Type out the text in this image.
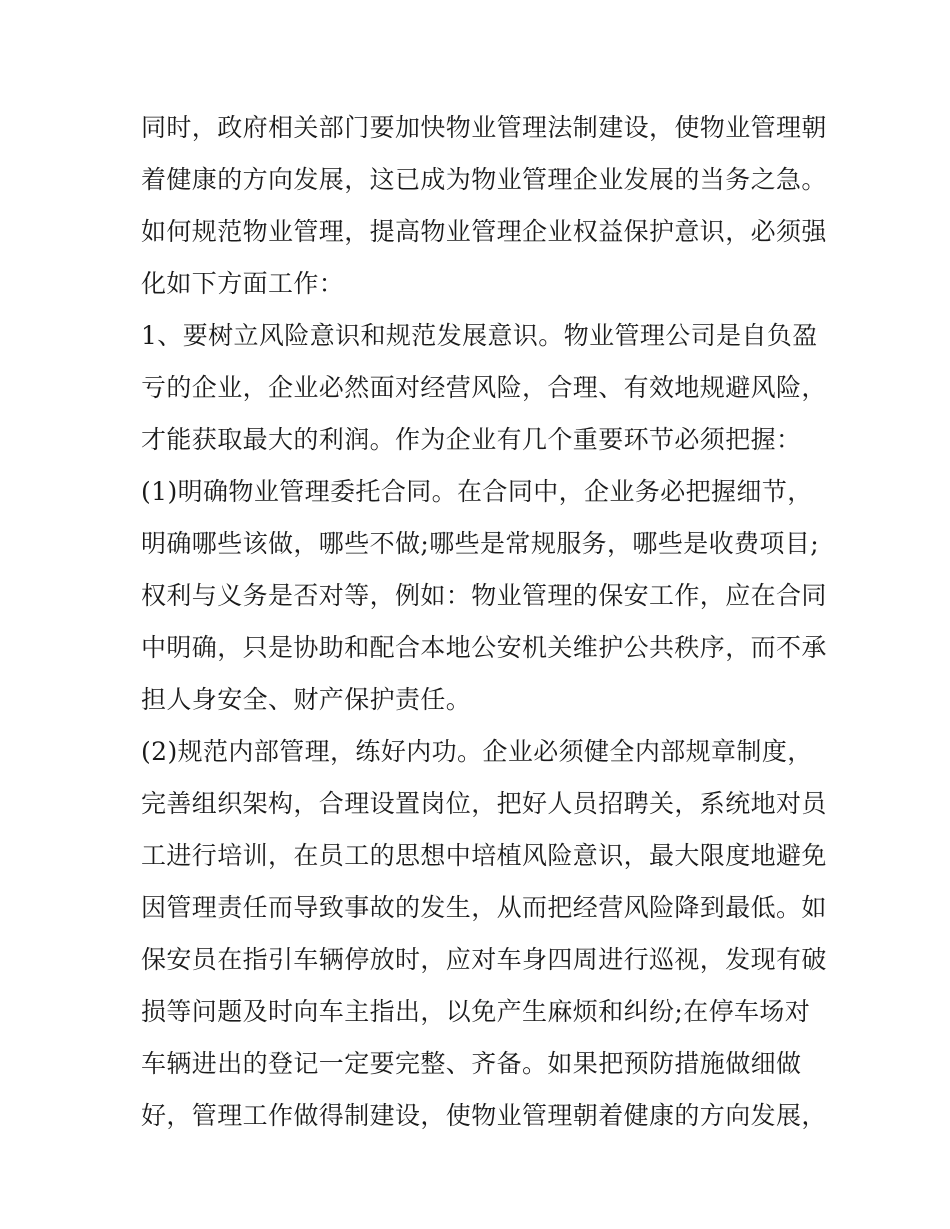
同时，政府相关部门要加快物业管理法制建设，使物业管理朝
着健康的方向发展，这已成为物业管理企业发展的当务之急。
如何规范物业管理，提高物业管理企业权益保护意识，必须强
化如下方面工作：
1、要树立风险意识和规范发展意识。物业管理公司是自负盈
亏的企业，企业必然面对经营风险，合理、有效地规避风险，
才能获取最大的利润。作为企业有几个重要环节必须把握：
(1)明确物业管理委托合同。在合同中，企业务必把握细节，
明确哪些该做，哪些不做;哪些是常规服务，哪些是收费项目;
权利与义务是否对等，例如：物业管理的保安工作，应在合同
中明确，只是协助和配合本地公安机关维护公共秩序，而不承
担人身安全、财产保护责任。
(2)规范内部管理，练好内功。企业必须健全内部规章制度，
完善组织架构，合理设置岗位，把好人员招聘关，系统地对员
工进行培训，在员工的思想中培植风险意识，最大限度地避免
因管理责任而导致事故的发生，从而把经营风险降到最低。如
保安员在指引车辆停放时，应对车身四周进行巡视，发现有破
损等问题及时向车主指出，以免产生麻烦和纠纷;在停车场对
车辆进出的登记一定要完整、齐备。如果把预防措施做细做
好，管理工作做得制建设，使物业管理朝着健康的方向发展，
